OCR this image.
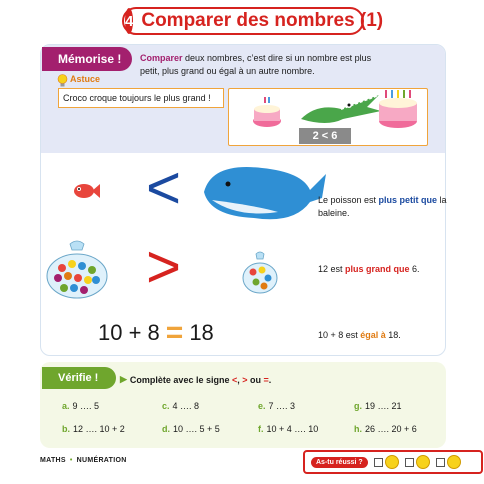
4 Comparer des nombres (1)
Mémorise !	Comparer deux nombres, c’est dire si un nombre est plus petit, plus grand ou égal à un autre nombre.
Astuce
Croco croque toujours le plus grand !
2 < 6
<	Le poisson est plus petit que la baleine.
>	12 est plus grand que 6.
10 + 8 = 18	10 + 8 est égal à 18.
Vérifie !	▶ Complète avec le signe <, > ou =.
a. 9 …. 5	c. 4 …. 8	e. 7 …. 3	g. 19 …. 21
b. 12 …. 10 + 2	d. 10 …. 5 + 5	f. 10 + 4 …. 10	h. 26 …. 20 + 6
MATHS • NUMÉRATION	As-tu réussi ?
